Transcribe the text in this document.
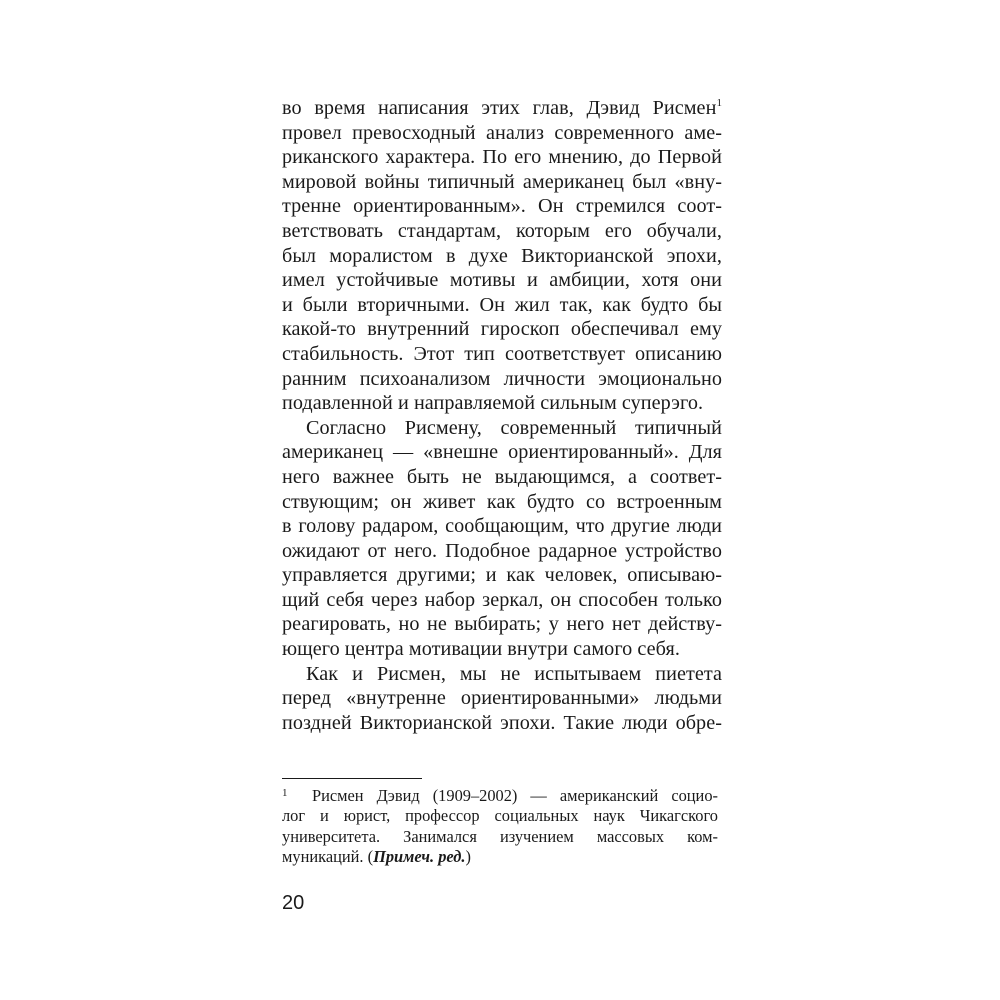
во время написания этих глав, Дэвид Рисмен$^1$
провел превосходный анализ современного аме-
риканского характера. По его мнению, до Первой
мировой войны типичный американец был «вну-
тренне ориентированным». Он стремился соот-
ветствовать стандартам, которым его обучали,
был моралистом в духе Викторианской эпохи,
имел устойчивые мотивы и амбиции, хотя они
и были вторичными. Он жил так, как будто бы
какой-то внутренний гироскоп обеспечивал ему
стабильность. Этот тип соответствует описанию
ранним психоанализом личности эмоционально
подавленной и направляемой сильным суперэго.
Согласно Рисмену, современный типичный
американец — «внешне ориентированный». Для
него важнее быть не выдающимся, а соответ-
ствующим; он живет как будто со встроенным
в голову радаром, сообщающим, что другие люди
ожидают от него. Подобное радарное устройство
управляется другими; и как человек, описываю-
щий себя через набор зеркал, он способен только
реагировать, но не выбирать; у него нет действу-
ющего центра мотивации внутри самого себя.
Как и Рисмен, мы не испытываем пиетета
перед «внутренне ориентированными» людьми
поздней Викторианской эпохи. Такие люди обре-
1	Рисмен Дэвид (1909–2002) — американский социо-
лог и юрист, профессор социальных наук Чикагского
университета. Занимался изучением массовых ком-
муникаций. (Примеч. ред.)
20
